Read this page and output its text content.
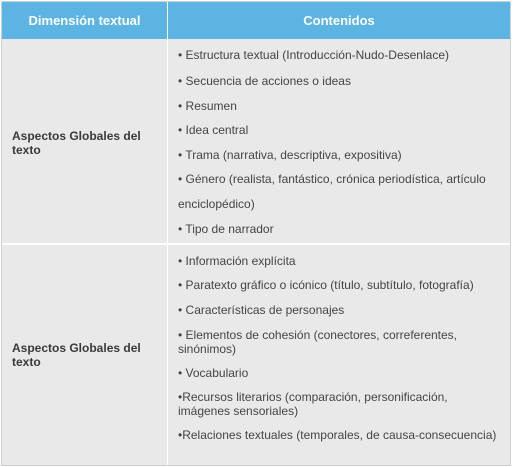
Dimensión textual	Contenidos
Aspectos Globales del texto
• Estructura textual (Introducción-Nudo-Desenlace)
• Secuencia de acciones o ideas
• Resumen
• Idea central
• Trama (narrativa, descriptiva, expositiva)
• Género (realista, fantástico, crónica periodística, artículo enciclopédico)
• Tipo de narrador
Aspectos Globales del texto
• Información explícita
• Paratexto gráfico o icónico (título, subtítulo, fotografía)
• Características de personajes
• Elementos de cohesión (conectores, correferentes, sinónimos)
• Vocabulario
•Recursos literarios (comparación, personificación, imágenes sensoriales)
•Relaciones textuales (temporales, de causa-consecuencia)
